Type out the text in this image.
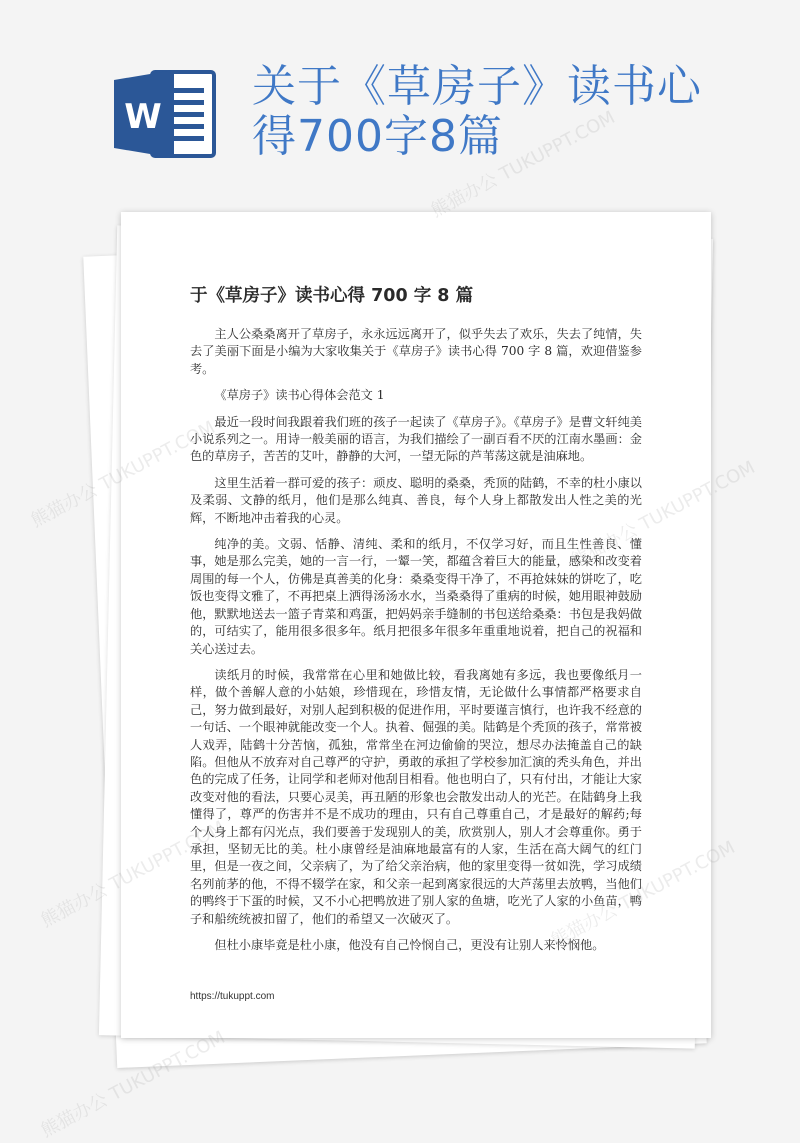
W
关于《草房子》读书心得700字8篇
于《草房子》读书心得 700 字 8 篇

主人公桑桑离开了草房子，永永远远离开了，似乎失去了欢乐，失去了纯情，失去了美丽下面是小编为大家收集关于《草房子》读书心得 700 字 8 篇，欢迎借鉴参考。

《草房子》读书心得体会范文 1

最近一段时间我跟着我们班的孩子一起读了《草房子》。《草房子》是曹文轩纯美小说系列之一。用诗一般美丽的语言，为我们描绘了一副百看不厌的江南水墨画：金色的草房子，苦苦的艾叶，静静的大河，一望无际的芦苇荡这就是油麻地。

这里生活着一群可爱的孩子：顽皮、聪明的桑桑，秃顶的陆鹤，不幸的杜小康以及柔弱、文静的纸月，他们是那么纯真、善良，每个人身上都散发出人性之美的光辉，不断地冲击着我的心灵。

纯净的美。文弱、恬静、清纯、柔和的纸月，不仅学习好，而且生性善良、懂事，她是那么完美，她的一言一行，一颦一笑，都蕴含着巨大的能量，感染和改变着周围的每一个人，仿佛是真善美的化身：桑桑变得干净了，不再抢妹妹的饼吃了，吃饭也变得文雅了，不再把桌上洒得汤汤水水，当桑桑得了重病的时候，她用眼神鼓励他，默默地送去一篮子青菜和鸡蛋，把妈妈亲手缝制的书包送给桑桑：书包是我妈做的，可结实了，能用很多很多年。纸月把很多年很多年重重地说着，把自己的祝福和关心送过去。

读纸月的时候，我常常在心里和她做比较，看我离她有多远，我也要像纸月一样，做个善解人意的小姑娘，珍惜现在，珍惜友情，无论做什么事情都严格要求自己，努力做到最好，对别人起到积极的促进作用，平时要谨言慎行，也许我不经意的一句话、一个眼神就能改变一个人。执着、倔强的美。陆鹤是个秃顶的孩子，常常被人戏弄，陆鹤十分苦恼，孤独，常常坐在河边偷偷的哭泣，想尽办法掩盖自己的缺陷。但他从不放弃对自己尊严的守护，勇敢的承担了学校参加汇演的秃头角色，并出色的完成了任务，让同学和老师对他刮目相看。他也明白了，只有付出，才能让大家改变对他的看法，只要心灵美，再丑陋的形象也会散发出动人的光芒。在陆鹤身上我懂得了，尊严的伤害并不是不成功的理由，只有自己尊重自己，才是最好的解药;每个人身上都有闪光点，我们要善于发现别人的美，欣赏别人，别人才会尊重你。勇于承担，坚韧无比的美。杜小康曾经是油麻地最富有的人家，生活在高大阔气的红门里，但是一夜之间，父亲病了，为了给父亲治病，他的家里变得一贫如洗，学习成绩名列前茅的他，不得不辍学在家，和父亲一起到离家很远的大芦荡里去放鸭，当他们的鸭终于下蛋的时候，又不小心把鸭放进了别人家的鱼塘，吃光了人家的小鱼苗，鸭子和船统统被扣留了，他们的希望又一次破灭了。

但杜小康毕竟是杜小康，他没有自己怜悯自己，更没有让别人来怜悯他。

https://tukuppt.com
熊猫办公 TUKUPPT.COM
熊猫办公
熊猫办公
熊猫办公 TUKUPPT.COM
